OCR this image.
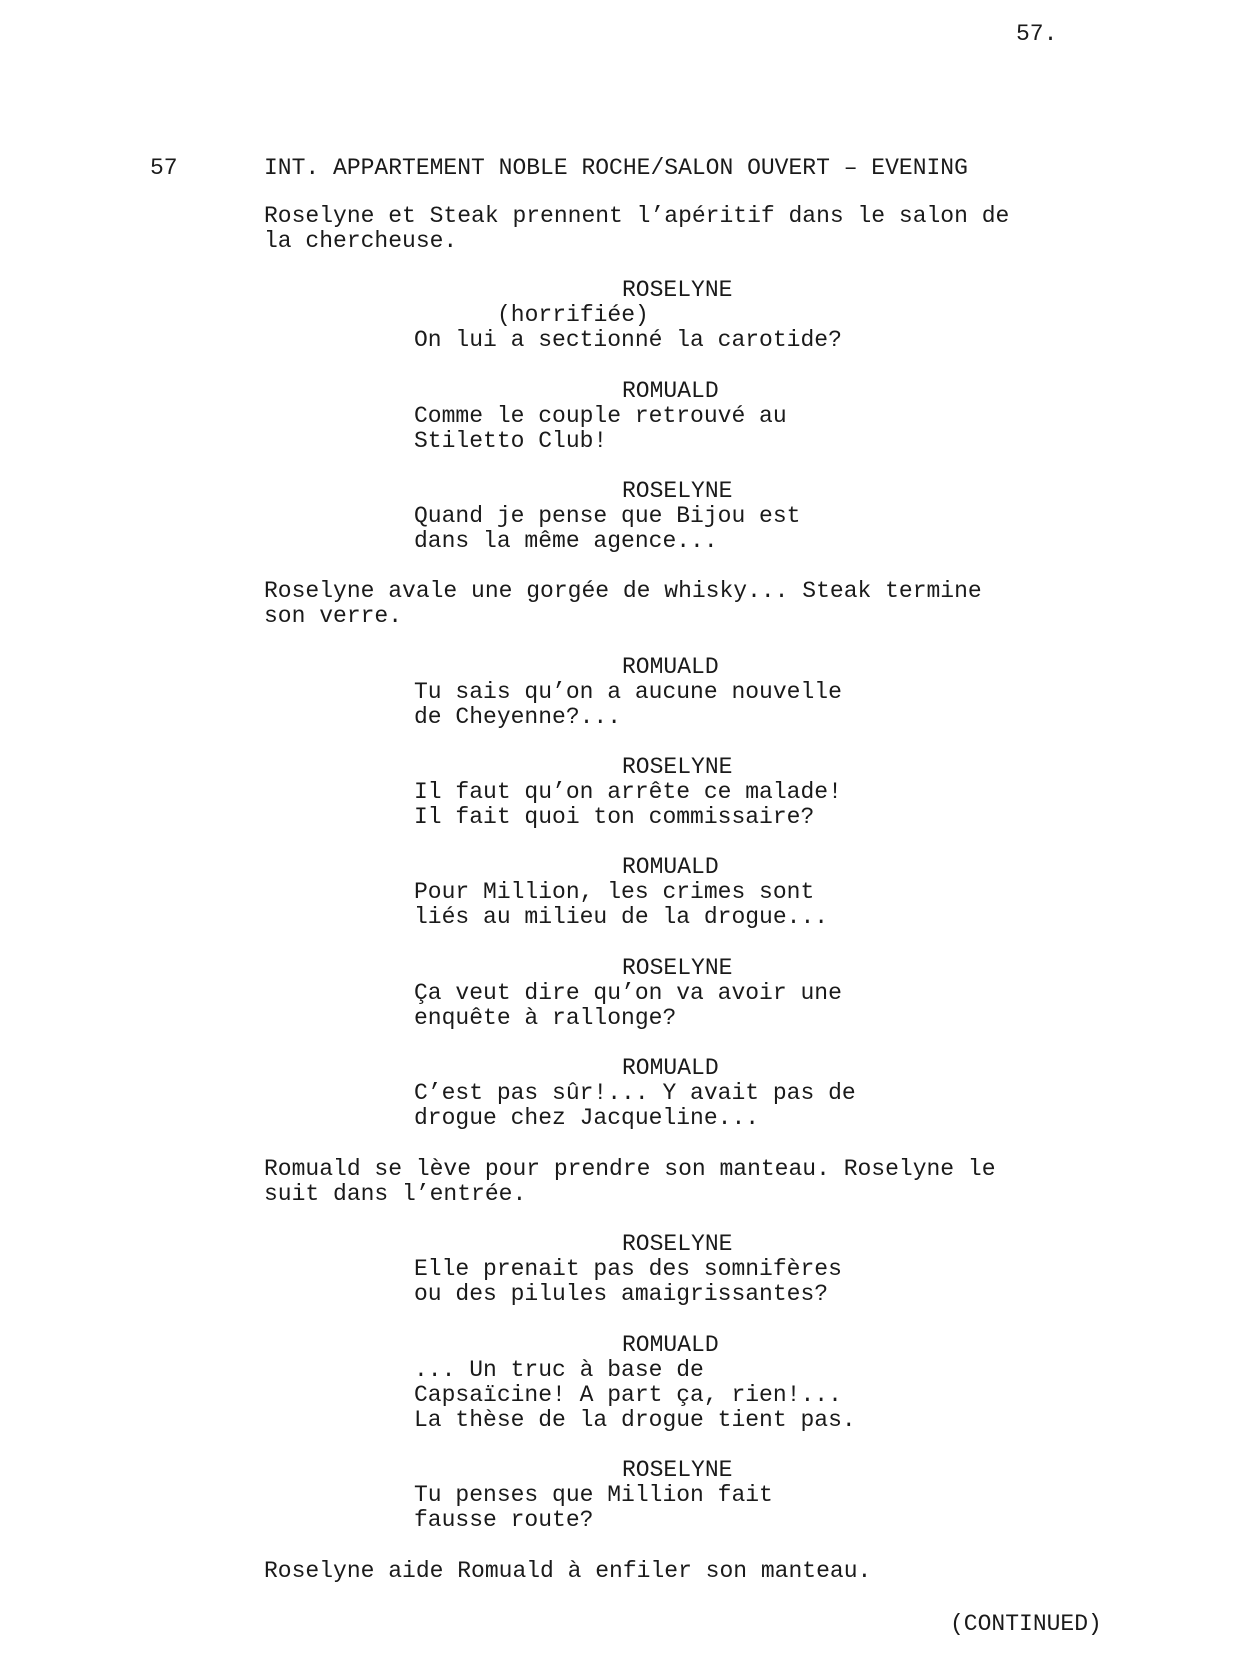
57.
57	INT. APPARTEMENT NOBLE ROCHE/SALON OUVERT – EVENING
Roselyne et Steak prennent l’apéritif dans le salon de
la chercheuse.
ROSELYNE
(horrifiée)
On lui a sectionné la carotide?
ROMUALD
Comme le couple retrouvé au
Stiletto Club!
ROSELYNE
Quand je pense que Bijou est
dans la même agence...
Roselyne avale une gorgée de whisky... Steak termine
son verre.
ROMUALD
Tu sais qu’on a aucune nouvelle
de Cheyenne?...
ROSELYNE
Il faut qu’on arrête ce malade!
Il fait quoi ton commissaire?
ROMUALD
Pour Million, les crimes sont
liés au milieu de la drogue...
ROSELYNE
Ça veut dire qu’on va avoir une
enquête à rallonge?
ROMUALD
C’est pas sûr!... Y avait pas de
drogue chez Jacqueline...
Romuald se lève pour prendre son manteau. Roselyne le
suit dans l’entrée.
ROSELYNE
Elle prenait pas des somnifères
ou des pilules amaigrissantes?
ROMUALD
... Un truc à base de
Capsaïcine! A part ça, rien!...
La thèse de la drogue tient pas.
ROSELYNE
Tu penses que Million fait
fausse route?
Roselyne aide Romuald à enfiler son manteau.
(CONTINUED)
